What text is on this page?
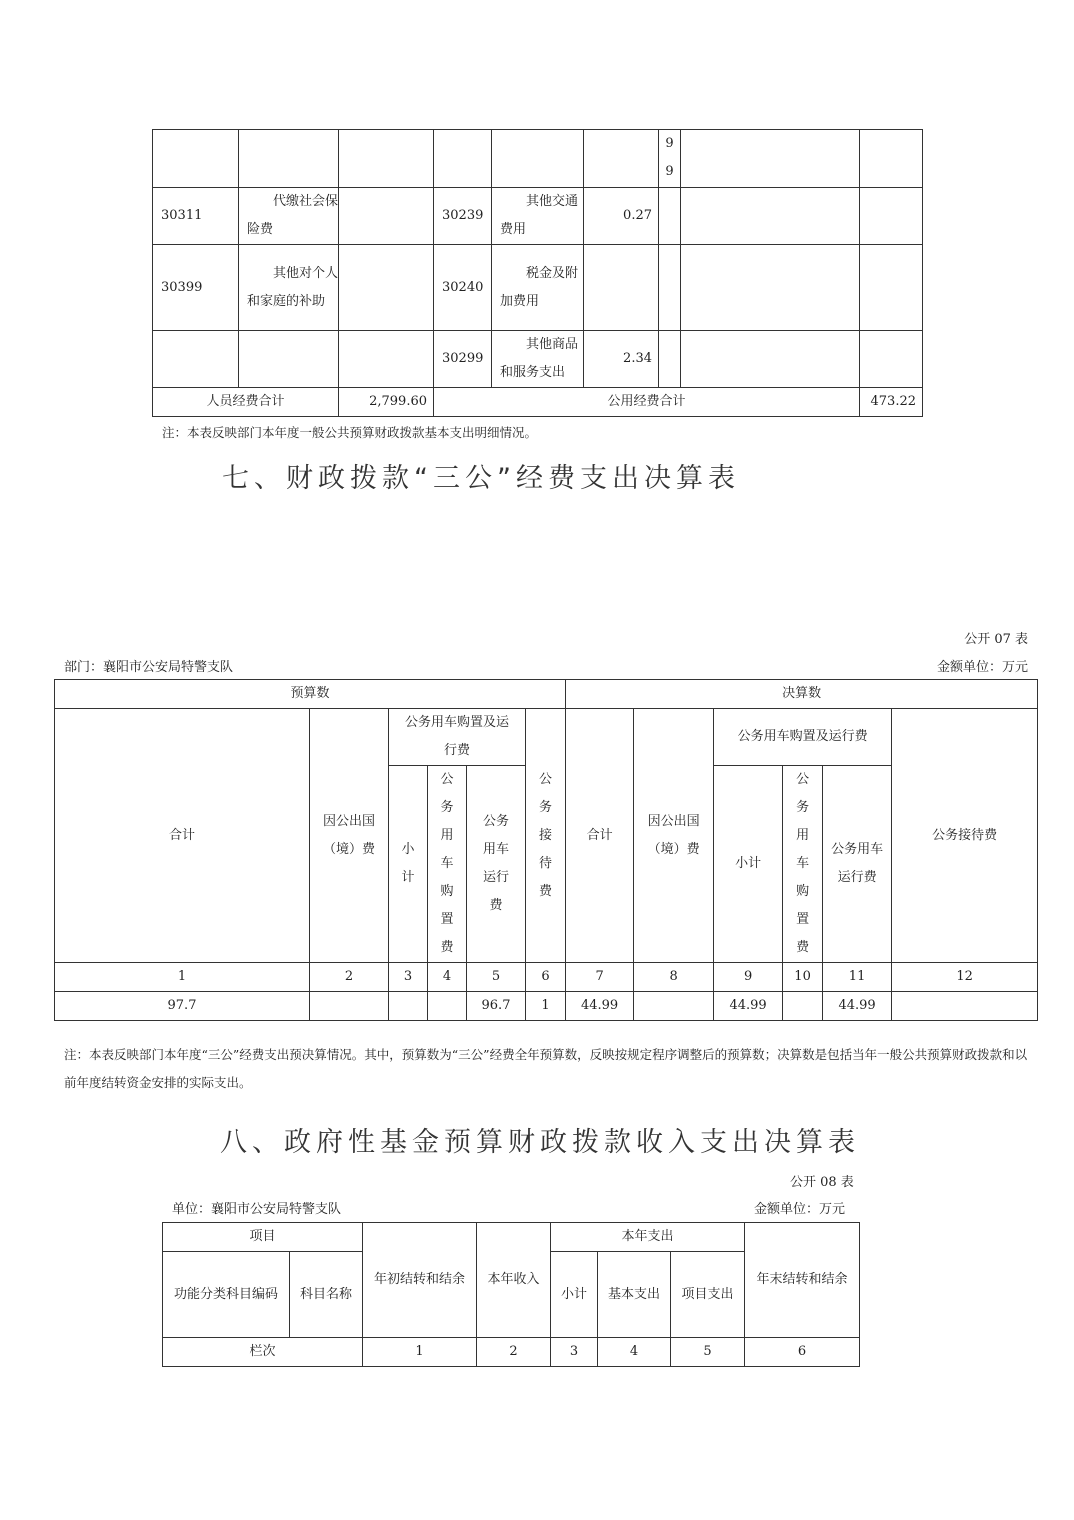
						9
9		
30311	代缴社会保险费		30239	其他交通费用	0.27			
30399	其他对个人和家庭的补助		30240	税金及附加费用				

			30299	其他商品和服务支出	2.34			
人员经费合计		2,799.60	公用经费合计					473.22
注：本表反映部门本年度一般公共预算财政拨款基本支出明细情况。
七、财政拨款“三公”经费支出决算表
公开 07 表
部门：襄阳市公安局特警支队	金额单位：万元
预算数						决算数					
合计	因公出国（境）费	公务用车购置及运行费			公务接待费	合计	因公出国（境）费	公务用车购置及运行费			公务接待费
		小计	公务用车购置费	公务用车运行费				小计	公务用车购置费	公务用车运行费	
1	2	3	4	5	6	7	8	9	10	11	12
97.7				96.7	1	44.99		44.99		44.99	
注：本表反映部门本年度“三公”经费支出预决算情况。其中，预算数为“三公”经费全年预算数，反映按规定程序调整后的预算数；决算数是包括当年一般公共预算财政拨款和以前年度结转资金安排的实际支出。
八、政府性基金预算财政拨款收入支出决算表
公开 08 表
单位：襄阳市公安局特警支队	金额单位：万元
项目		年初结转和结余	本年收入	本年支出			年末结转和结余
功能分类科目编码	科目名称			小计	基本支出	项目支出	

栏次		1	2	3	4	5	6
